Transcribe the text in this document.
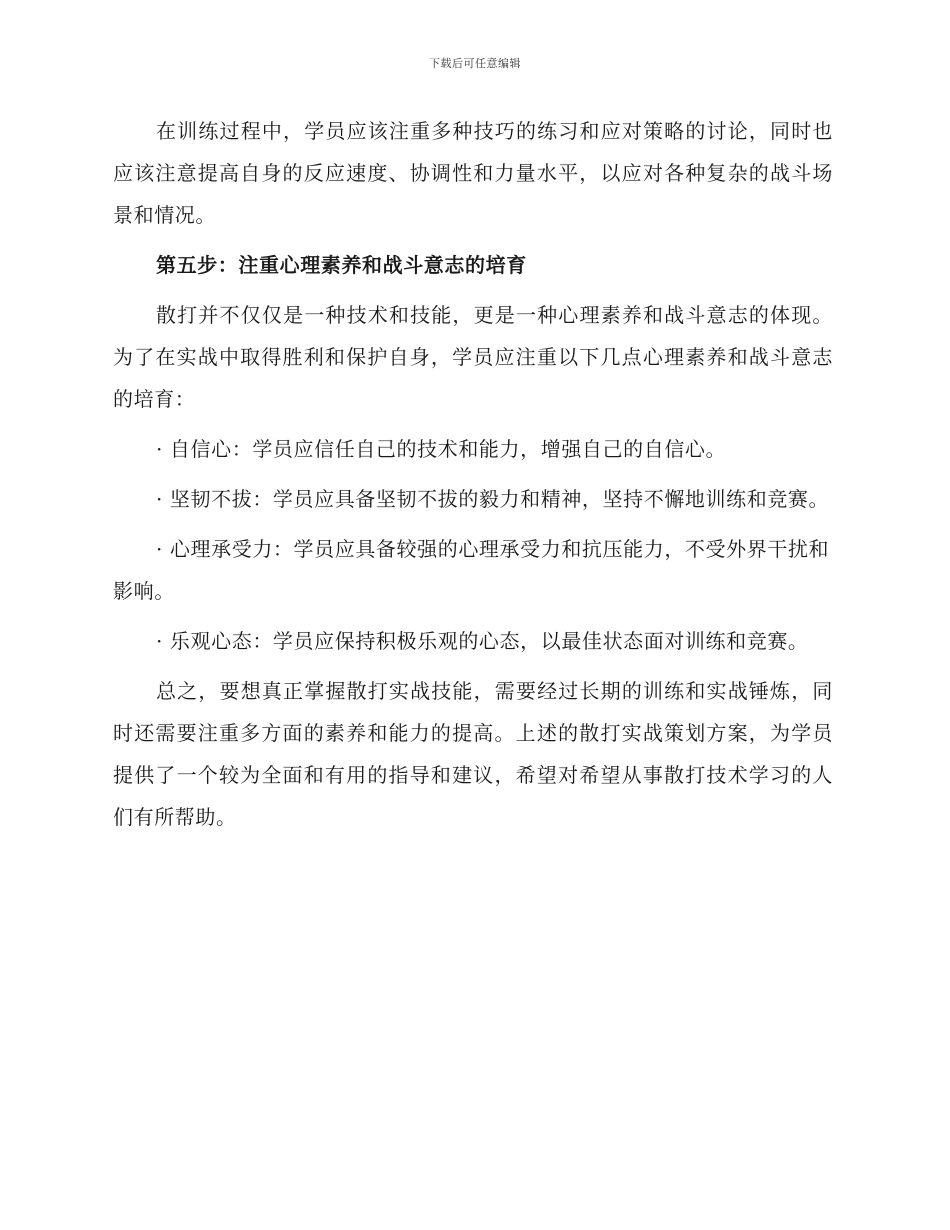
下载后可任意编辑

在训练过程中，学员应该注重多种技巧的练习和应对策略的讨论，同时也应该注意提高自身的反应速度、协调性和力量水平，以应对各种复杂的战斗场景和情况。

第五步：注重心理素养和战斗意志的培育

散打并不仅仅是一种技术和技能，更是一种心理素养和战斗意志的体现。为了在实战中取得胜利和保护自身，学员应注重以下几点心理素养和战斗意志的培育：

· 自信心：学员应信任自己的技术和能力，增强自己的自信心。

· 坚韧不拔：学员应具备坚韧不拔的毅力和精神，坚持不懈地训练和竞赛。

· 心理承受力：学员应具备较强的心理承受力和抗压能力，不受外界干扰和影响。

· 乐观心态：学员应保持积极乐观的心态，以最佳状态面对训练和竞赛。

总之，要想真正掌握散打实战技能，需要经过长期的训练和实战锤炼，同时还需要注重多方面的素养和能力的提高。上述的散打实战策划方案，为学员提供了一个较为全面和有用的指导和建议，希望对希望从事散打技术学习的人们有所帮助。
